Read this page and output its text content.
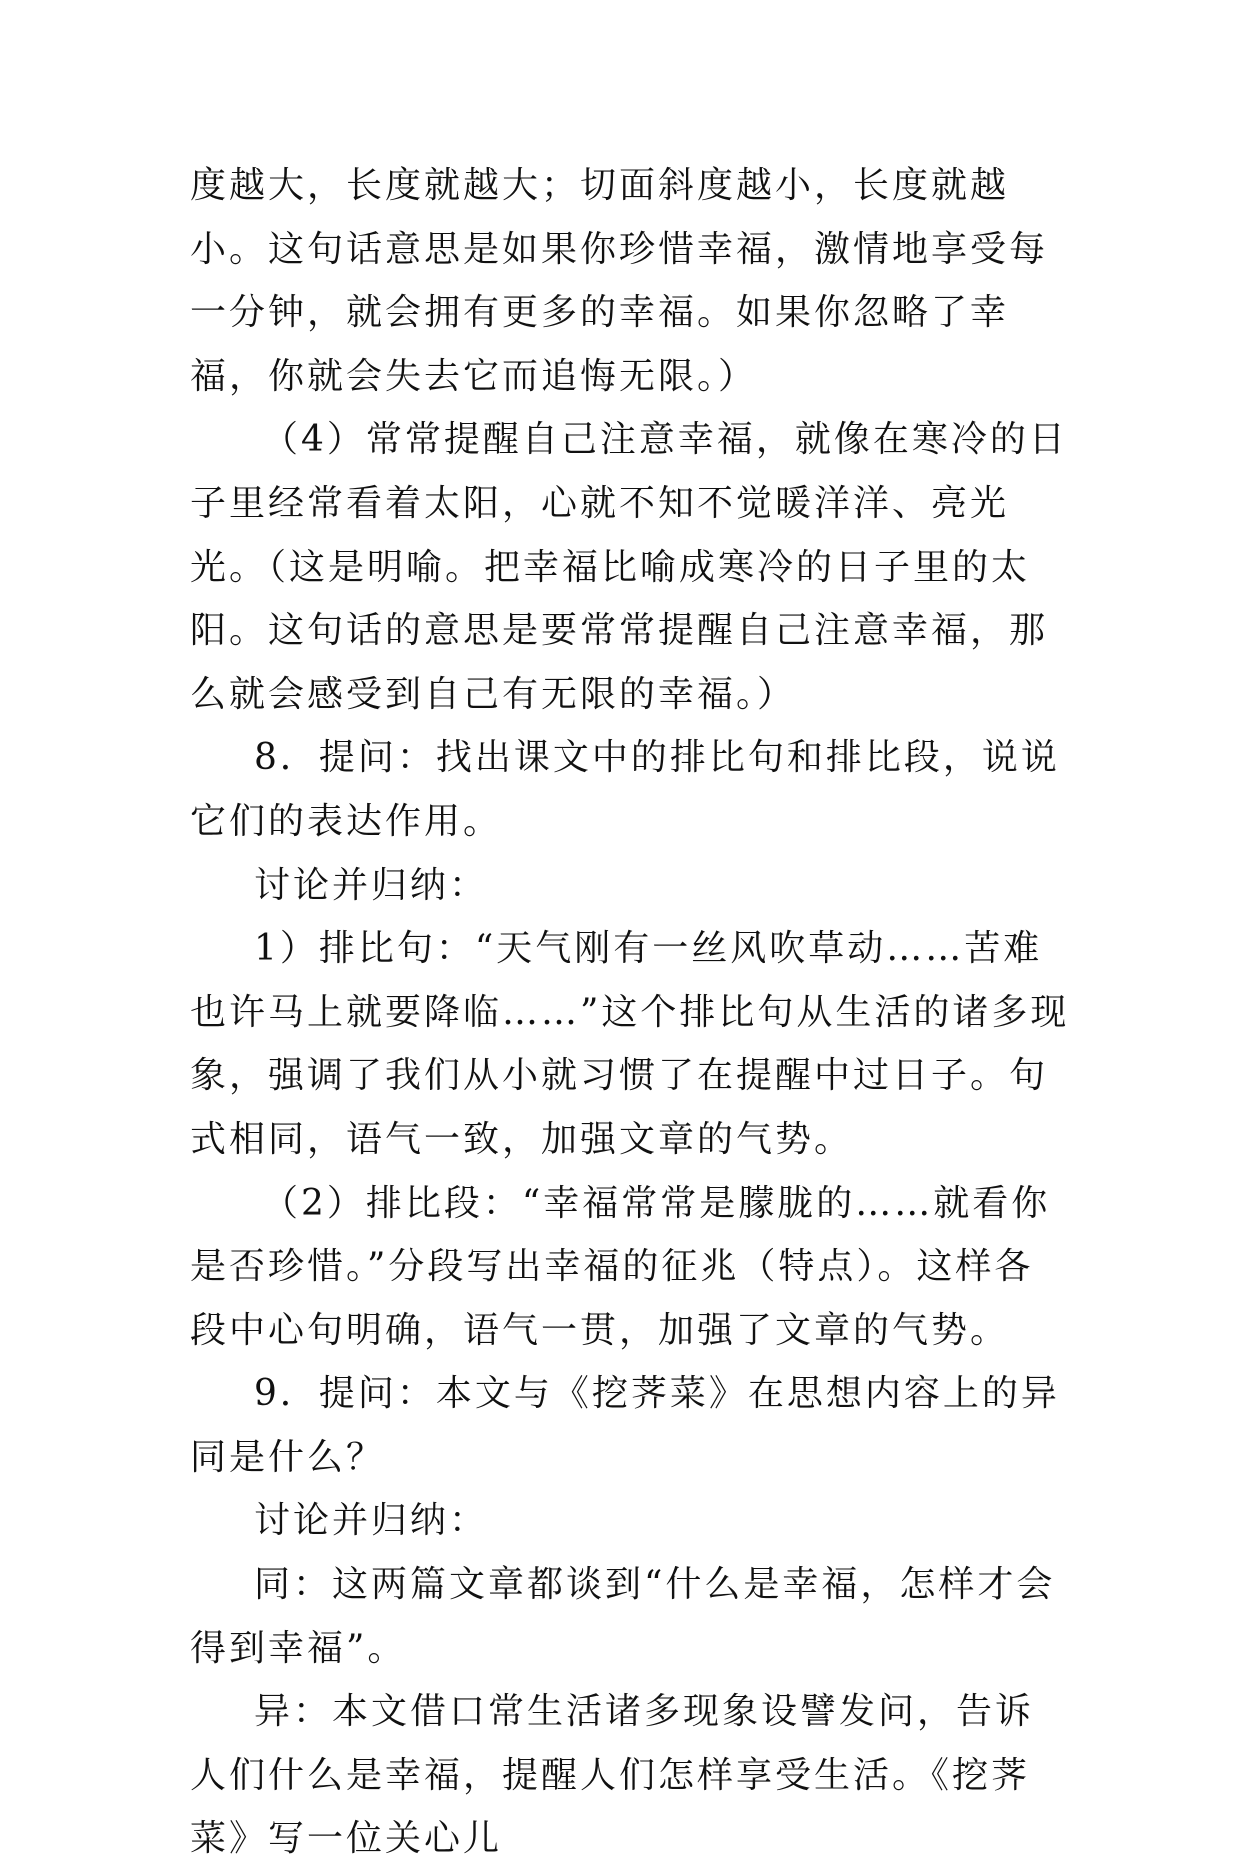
度越大，长度就越大；切面斜度越小，长度就越小。这句话意思是如果你珍惜幸福，激情地享受每一分钟，就会拥有更多的幸福。如果你忽略了幸福，你就会失去它而追悔无限。）

（4）常常提醒自己注意幸福，就像在寒冷的日子里经常看着太阳，心就不知不觉暖洋洋、亮光光。（这是明喻。把幸福比喻成寒冷的日子里的太阳。这句话的意思是要常常提醒自己注意幸福，那么就会感受到自己有无限的幸福。）

8．提问：找出课文中的排比句和排比段，说说它们的表达作用。

讨论并归纳：

1）排比句：“天气刚有一丝风吹草动……苦难也许马上就要降临……”这个排比句从生活的诸多现象，强调了我们从小就习惯了在提醒中过日子。句式相同，语气一致，加强文章的气势。

（2）排比段：“幸福常常是朦胧的……就看你是否珍惜。”分段写出幸福的征兆（特点）。这样各段中心句明确，语气一贯，加强了文章的气势。

9．提问：本文与《挖荠菜》在思想内容上的异同是什么？

讨论并归纳：

同：这两篇文章都谈到“什么是幸福，怎样才会得到幸福”。

异：本文借口常生活诸多现象设譬发问，告诉人们什么是幸福，提醒人们怎样享受生活。《挖荠菜》写一位关心儿
